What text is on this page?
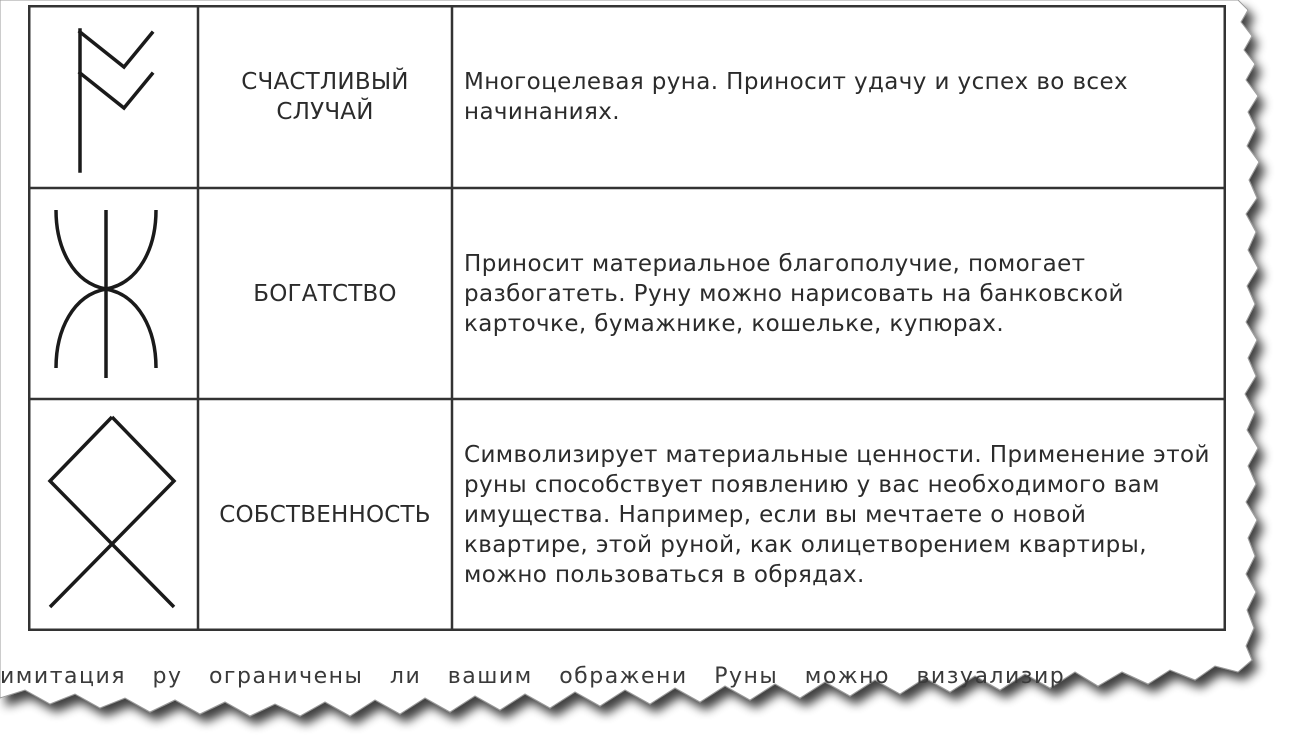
имитация ру ограничены ли вашим ображени Руны можно визуализир
СЧАСТЛИВЫЙ СЛУЧАЙ
Многоцелевая руна. Приносит удачу и успех во всех начинаниях.
БОГАТСТВО
Приносит материальное благополучие, помогает разбогатеть. Руну можно нарисовать на банковской карточке, бумажнике, кошельке, купюрах.
СОБСТВЕННОСТЬ
Символизирует материальные ценности. Применение этой руны способствует появлению у вас необходимого вам имущества. Например, если вы мечтаете о новой квартире, этой руной, как олицетворением квартиры, можно пользоваться в обрядах.
